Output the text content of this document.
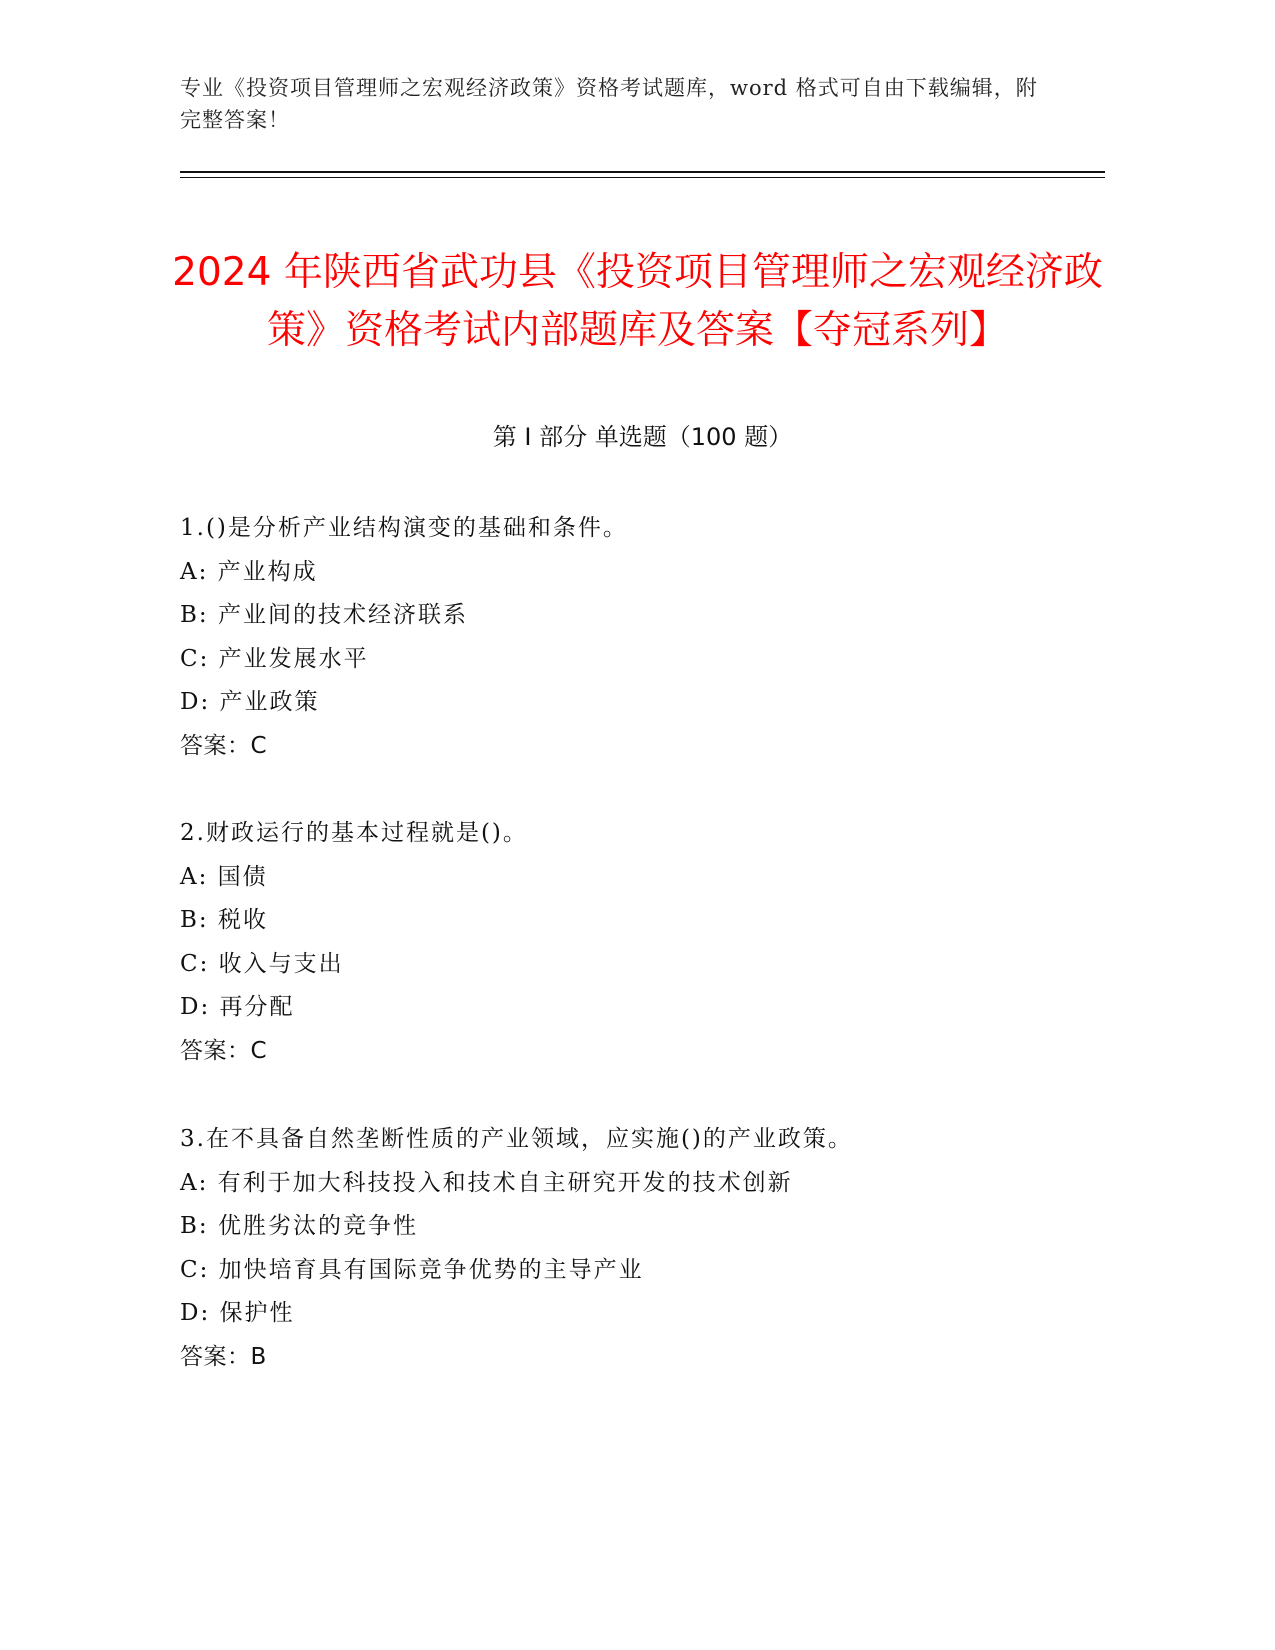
专业《投资项目管理师之宏观经济政策》资格考试题库，word 格式可自由下载编辑，附完整答案！
2024 年陕西省武功县《投资项目管理师之宏观经济政策》资格考试内部题库及答案【夺冠系列】
第 I 部分 单选题（100 题）
1.()是分析产业结构演变的基础和条件。
A: 产业构成
B: 产业间的技术经济联系
C: 产业发展水平
D: 产业政策
答案：C
2.财政运行的基本过程就是()。
A: 国债
B: 税收
C: 收入与支出
D: 再分配
答案：C
3.在不具备自然垄断性质的产业领域，应实施()的产业政策。
A: 有利于加大科技投入和技术自主研究开发的技术创新
B: 优胜劣汰的竞争性
C: 加快培育具有国际竞争优势的主导产业
D: 保护性
答案：B
